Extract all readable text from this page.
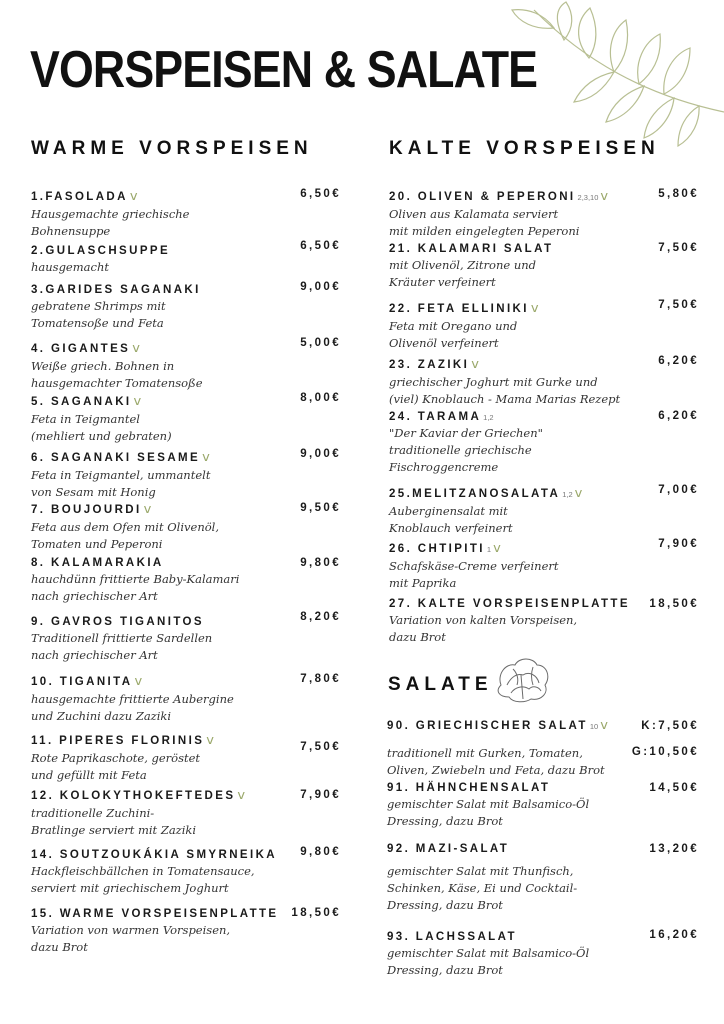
VORSPEISEN & SALATE
WARME VORSPEISEN	KALTE VORSPEISEN
SALATE
1.FASOLADA ⅴ
Hausgemachte griechische
Bohnensuppe
6,50€
2.GULASCHSUPPE
hausgemacht
6,50€
3.GARIDES SAGANAKI
gebratene Shrimps mit
Tomatensoße und Feta
9,00€
4. GIGANTES ⅴ
Weiße griech. Bohnen in
hausgemachter Tomatensoße
5,00€
5. SAGANAKI ⅴ
Feta in Teigmantel
(mehliert und gebraten)
8,00€
6. SAGANAKI SESAME ⅴ
Feta in Teigmantel, ummantelt
von Sesam mit Honig
9,00€
7. BOUJOURDI ⅴ
Feta aus dem Ofen mit Olivenöl,
Tomaten und Peperoni
9,50€
8. KALAMARAKIA
hauchdünn frittierte Baby-Kalamari
nach griechischer Art
9,80€
9. GAVROS TIGANITOS
Traditionell frittierte Sardellen
nach griechischer Art
8,20€
10. TIGANITA ⅴ
hausgemachte frittierte Aubergine
und Zuchini dazu Zaziki
7,80€
11. PIPERES FLORINIS ⅴ
Rote Paprikaschote, geröstet
und gefüllt mit Feta
7,50€
12. KOLOKYTHOKEFTEDES ⅴ
traditionelle Zuchini-
Bratlinge serviert mit Zaziki
7,90€
14. SOUTZOUKÁKIA SMYRNEIKA
Hackfleischbällchen in Tomatensauce,
serviert mit griechischem Joghurt
9,80€
15. WARME VORSPEISENPLATTE
Variation von warmen Vorspeisen,
dazu Brot
18,50€
20. OLIVEN & PEPERONI 2,3,10 ⅴ
Oliven aus Kalamata serviert
mit milden eingelegten Peperoni
5,80€
21. KALAMARI SALAT
mit Olivenöl, Zitrone und
Kräuter verfeinert
7,50€
22. FETA ELLINIKI ⅴ
Feta mit Oregano und
Olivenöl verfeinert
7,50€
23. ZAZIKI ⅴ
griechischer Joghurt mit Gurke und
(viel) Knoblauch - Mama Marias Rezept
6,20€
24. TARAMA 1,2
"Der Kaviar der Griechen"
traditionelle griechische
Fischroggencreme
6,20€
25.MELITZANOSALATA 1,2 ⅴ
Auberginensalat mit
Knoblauch verfeinert
7,00€
26. CHTIPITI 1 ⅴ
Schafskäse-Creme verfeinert
mit Paprika
7,90€
27. KALTE VORSPEISENPLATTE
Variation von kalten Vorspeisen,
dazu Brot
18,50€
90. GRIECHISCHER SALAT 10 ⅴ
traditionell mit Gurken, Tomaten,
Oliven, Zwiebeln und Feta, dazu Brot
K:7,50€
G:10,50€
91. HÄHNCHENSALAT
gemischter Salat mit Balsamico-Öl
Dressing, dazu Brot
14,50€
92. MAZI-SALAT
gemischter Salat mit Thunfisch,
Schinken, Käse, Ei und Cocktail-
Dressing, dazu Brot
13,20€
93. LACHSSALAT
gemischter Salat mit Balsamico-Öl
Dressing, dazu Brot
16,20€
